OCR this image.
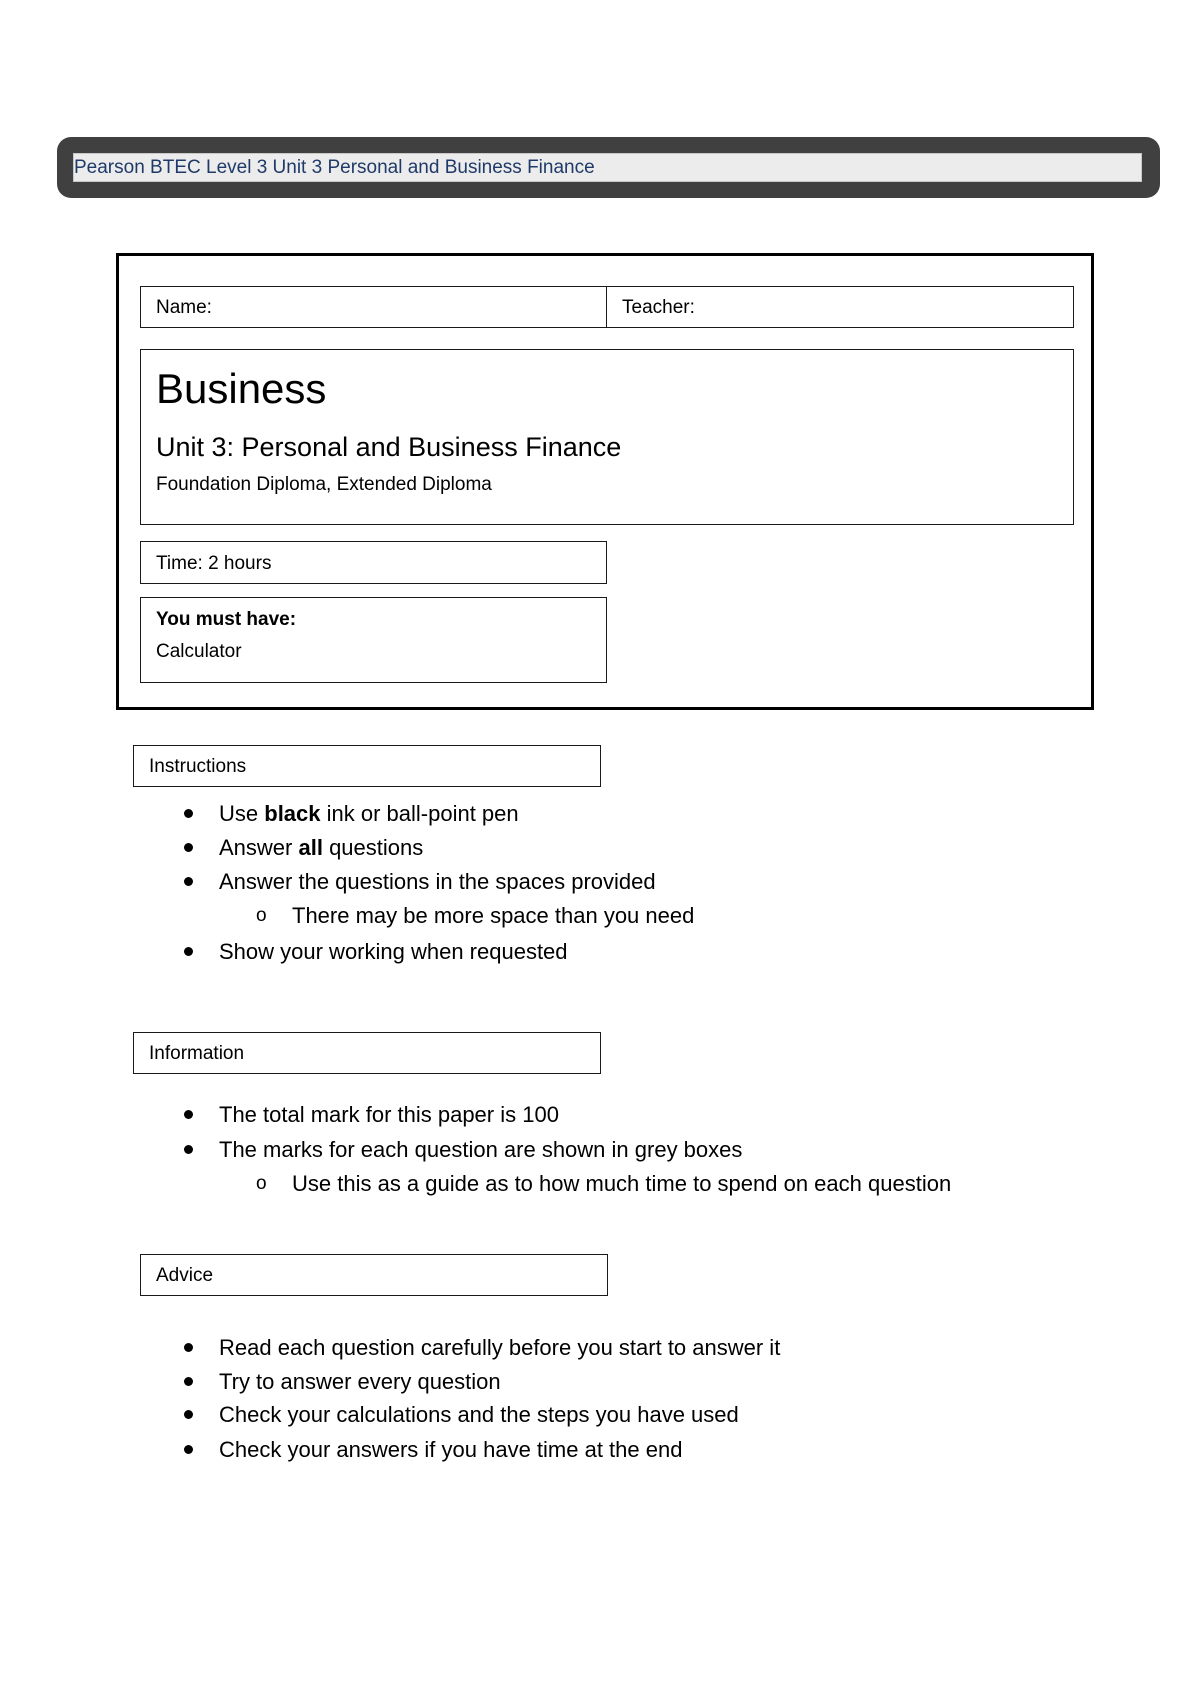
Pearson BTEC Level 3 Unit 3 Personal and Business Finance
Name:	Teacher:
Business
Unit 3: Personal and Business Finance
Foundation Diploma, Extended Diploma
Time: 2 hours
You must have:
Calculator
Instructions
Use black ink or ball-point pen
Answer all questions
Answer the questions in the spaces provided
o There may be more space than you need
Show your working when requested
Information
The total mark for this paper is 100
The marks for each question are shown in grey boxes
o Use this as a guide as to how much time to spend on each question
Advice
Read each question carefully before you start to answer it
Try to answer every question
Check your calculations and the steps you have used
Check your answers if you have time at the end
